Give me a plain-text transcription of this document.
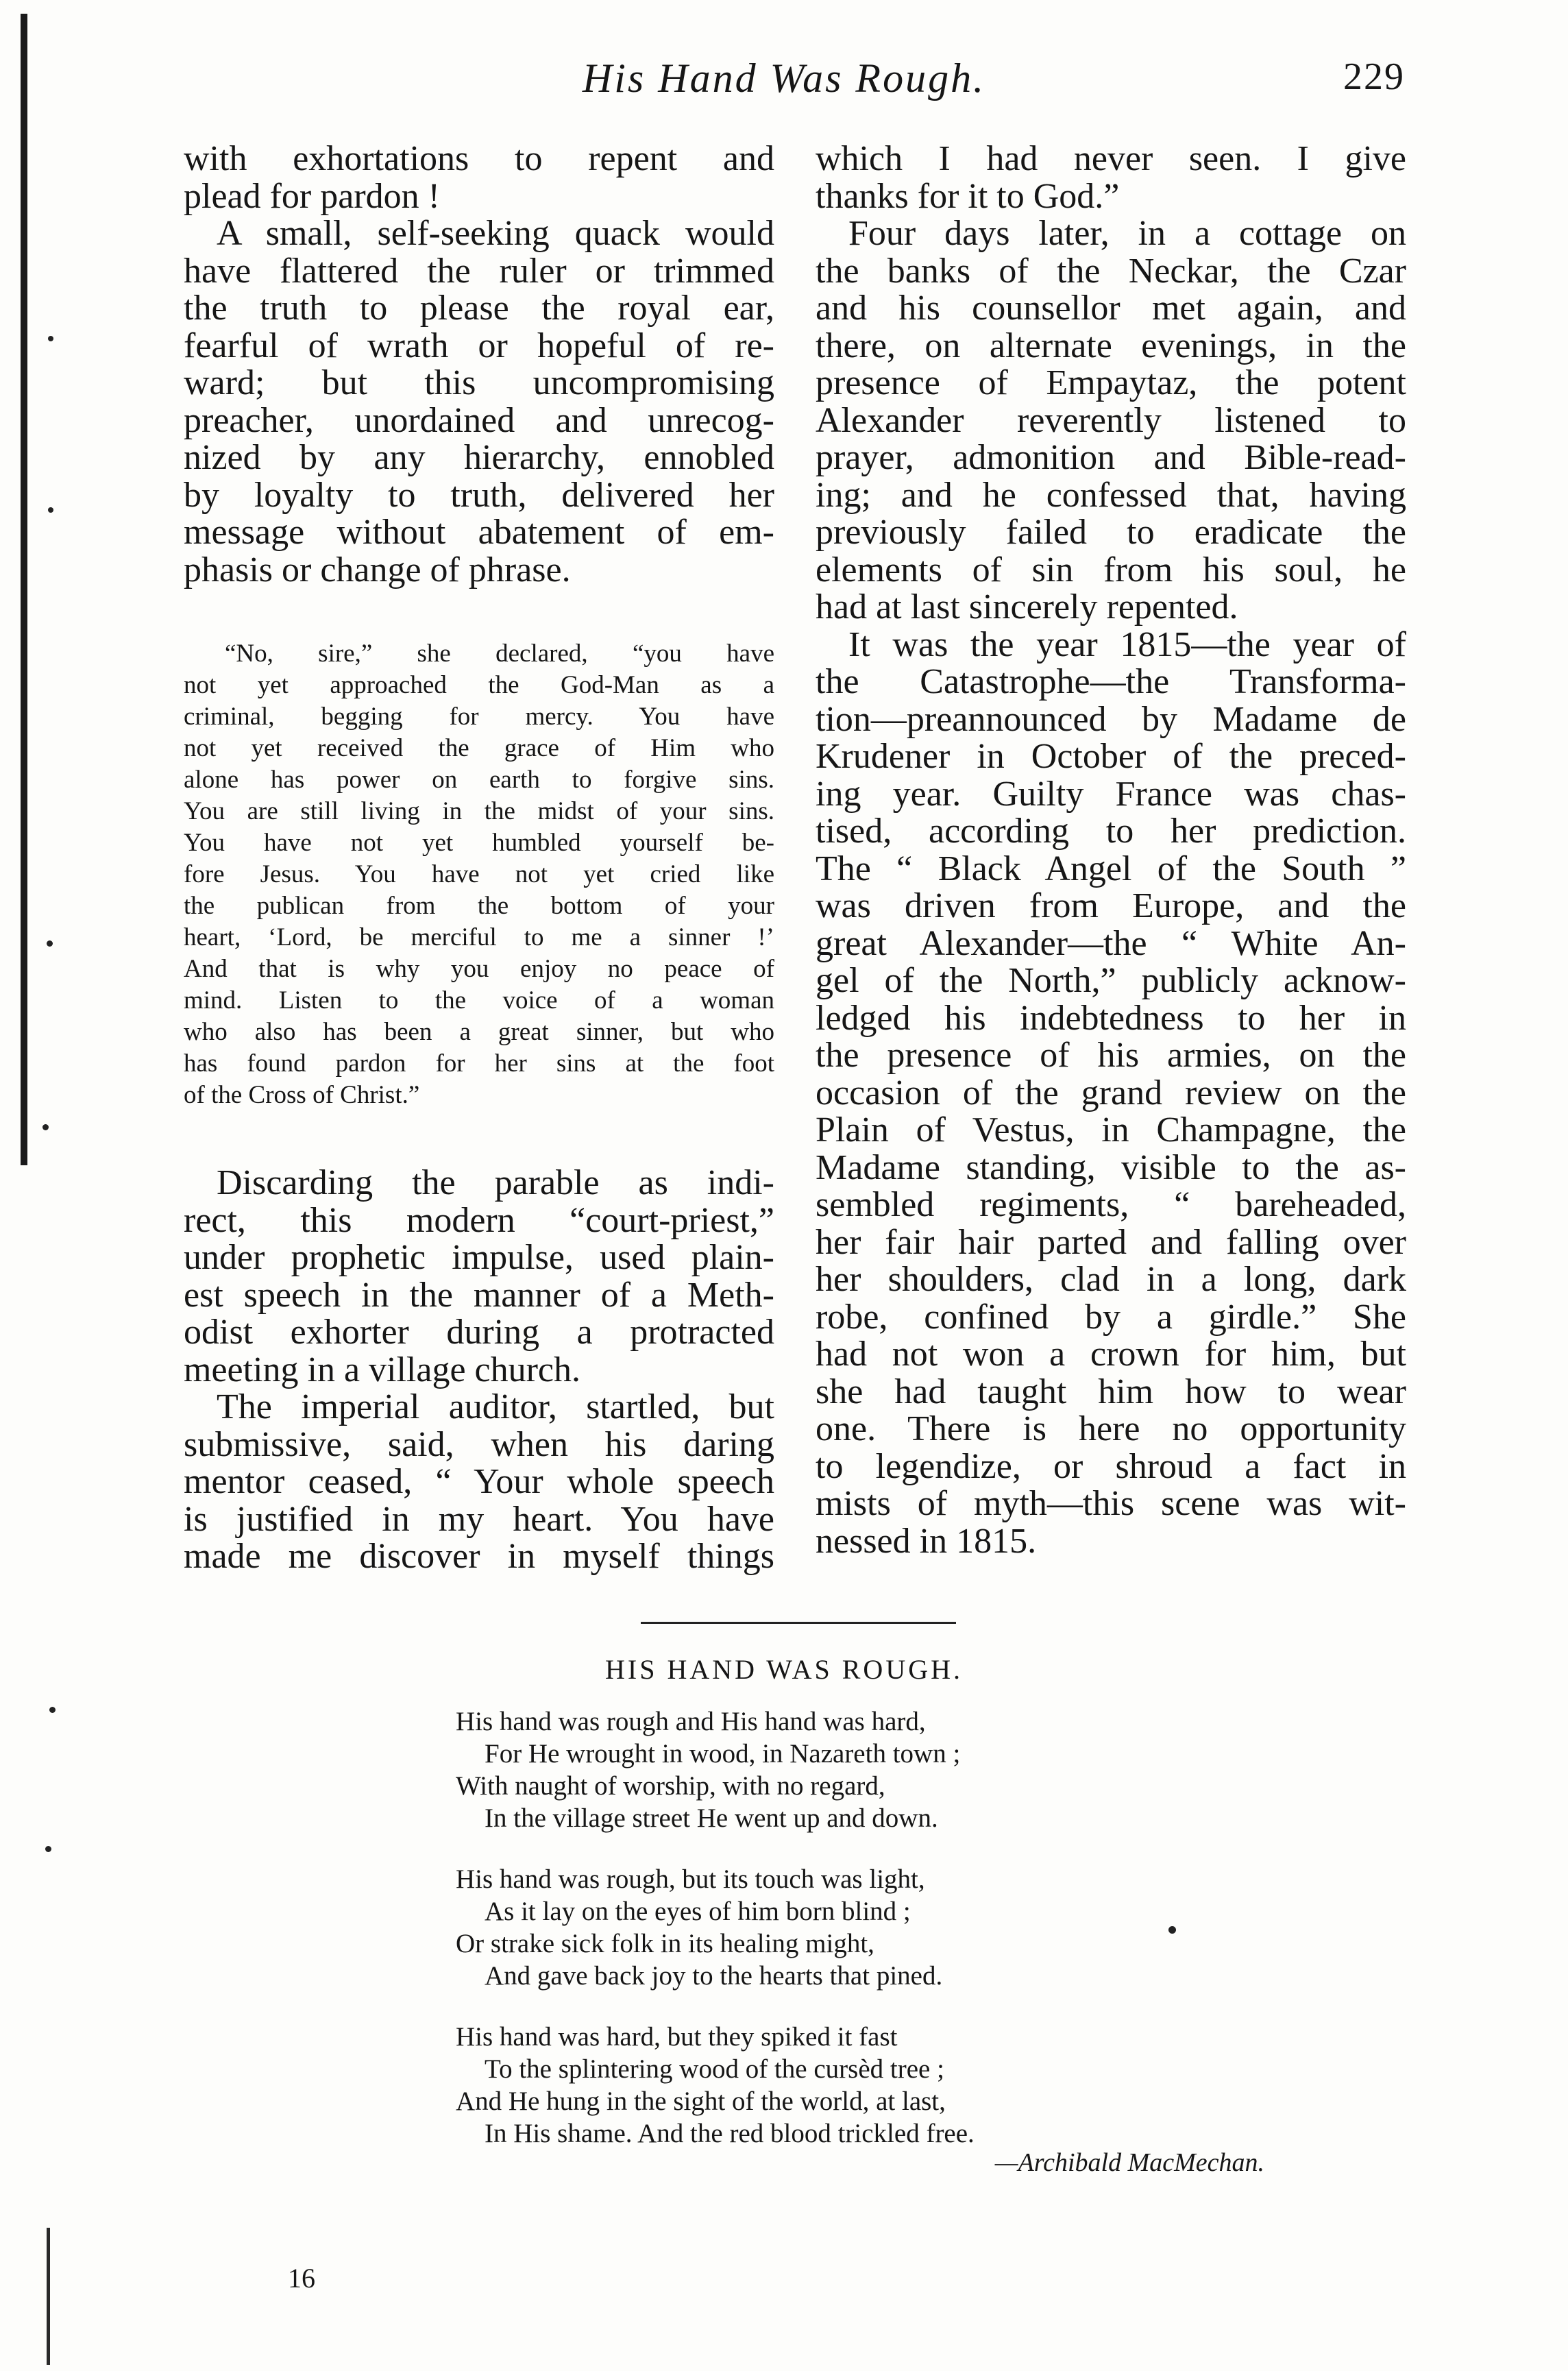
His Hand Was Rough.	229
with exhortations to repent and
plead for pardon !
A small, self-seeking quack would
have flattered the ruler or trimmed
the truth to please the royal ear,
fearful of wrath or hopeful of re-
ward; but this uncompromising
preacher, unordained and unrecog-
nized by any hierarchy, ennobled
by loyalty to truth, delivered her
message without abatement of em-
phasis or change of phrase.
“No, sire,” she declared, “you have
not yet approached the God-Man as a
criminal, begging for mercy. You have
not yet received the grace of Him who
alone has power on earth to forgive sins.
You are still living in the midst of your sins.
You have not yet humbled yourself be-
fore Jesus. You have not yet cried like
the publican from the bottom of your
heart, ‘Lord, be merciful to me a sinner !’
And that is why you enjoy no peace of
mind. Listen to the voice of a woman
who also has been a great sinner, but who
has found pardon for her sins at the foot
of the Cross of Christ.”
Discarding the parable as indi-
rect, this modern “court-priest,”
under prophetic impulse, used plain-
est speech in the manner of a Meth-
odist exhorter during a protracted
meeting in a village church.
The imperial auditor, startled, but
submissive, said, when his daring
mentor ceased, “ Your whole speech
is justified in my heart. You have
made me discover in myself things
which I had never seen. I give
thanks for it to God.”
Four days later, in a cottage on
the banks of the Neckar, the Czar
and his counsellor met again, and
there, on alternate evenings, in the
presence of Empaytaz, the potent
Alexander reverently listened to
prayer, admonition and Bible-read-
ing; and he confessed that, having
previously failed to eradicate the
elements of sin from his soul, he
had at last sincerely repented.
It was the year 1815—the year of
the Catastrophe—the Transforma-
tion—preannounced by Madame de
Krudener in October of the preced-
ing year. Guilty France was chas-
tised, according to her prediction.
The “ Black Angel of the South ”
was driven from Europe, and the
great Alexander—the “ White An-
gel of the North,” publicly acknow-
ledged his indebtedness to her in
the presence of his armies, on the
occasion of the grand review on the
Plain of Vestus, in Champagne, the
Madame standing, visible to the as-
sembled regiments, “ bareheaded,
her fair hair parted and falling over
her shoulders, clad in a long, dark
robe, confined by a girdle.” She
had not won a crown for him, but
she had taught him how to wear
one. There is here no opportunity
to legendize, or shroud a fact in
mists of myth—this scene was wit-
nessed in 1815.
HIS HAND WAS ROUGH.
His hand was rough and His hand was hard,
For He wrought in wood, in Nazareth town ;
With naught of worship, with no regard,
In the village street He went up and down.
His hand was rough, but its touch was light,
As it lay on the eyes of him born blind ;
Or strake sick folk in its healing might,
And gave back joy to the hearts that pined.
His hand was hard, but they spiked it fast
To the splintering wood of the cursèd tree ;
And He hung in the sight of the world, at last,
In His shame. And the red blood trickled free.
—Archibald MacMechan.
16
